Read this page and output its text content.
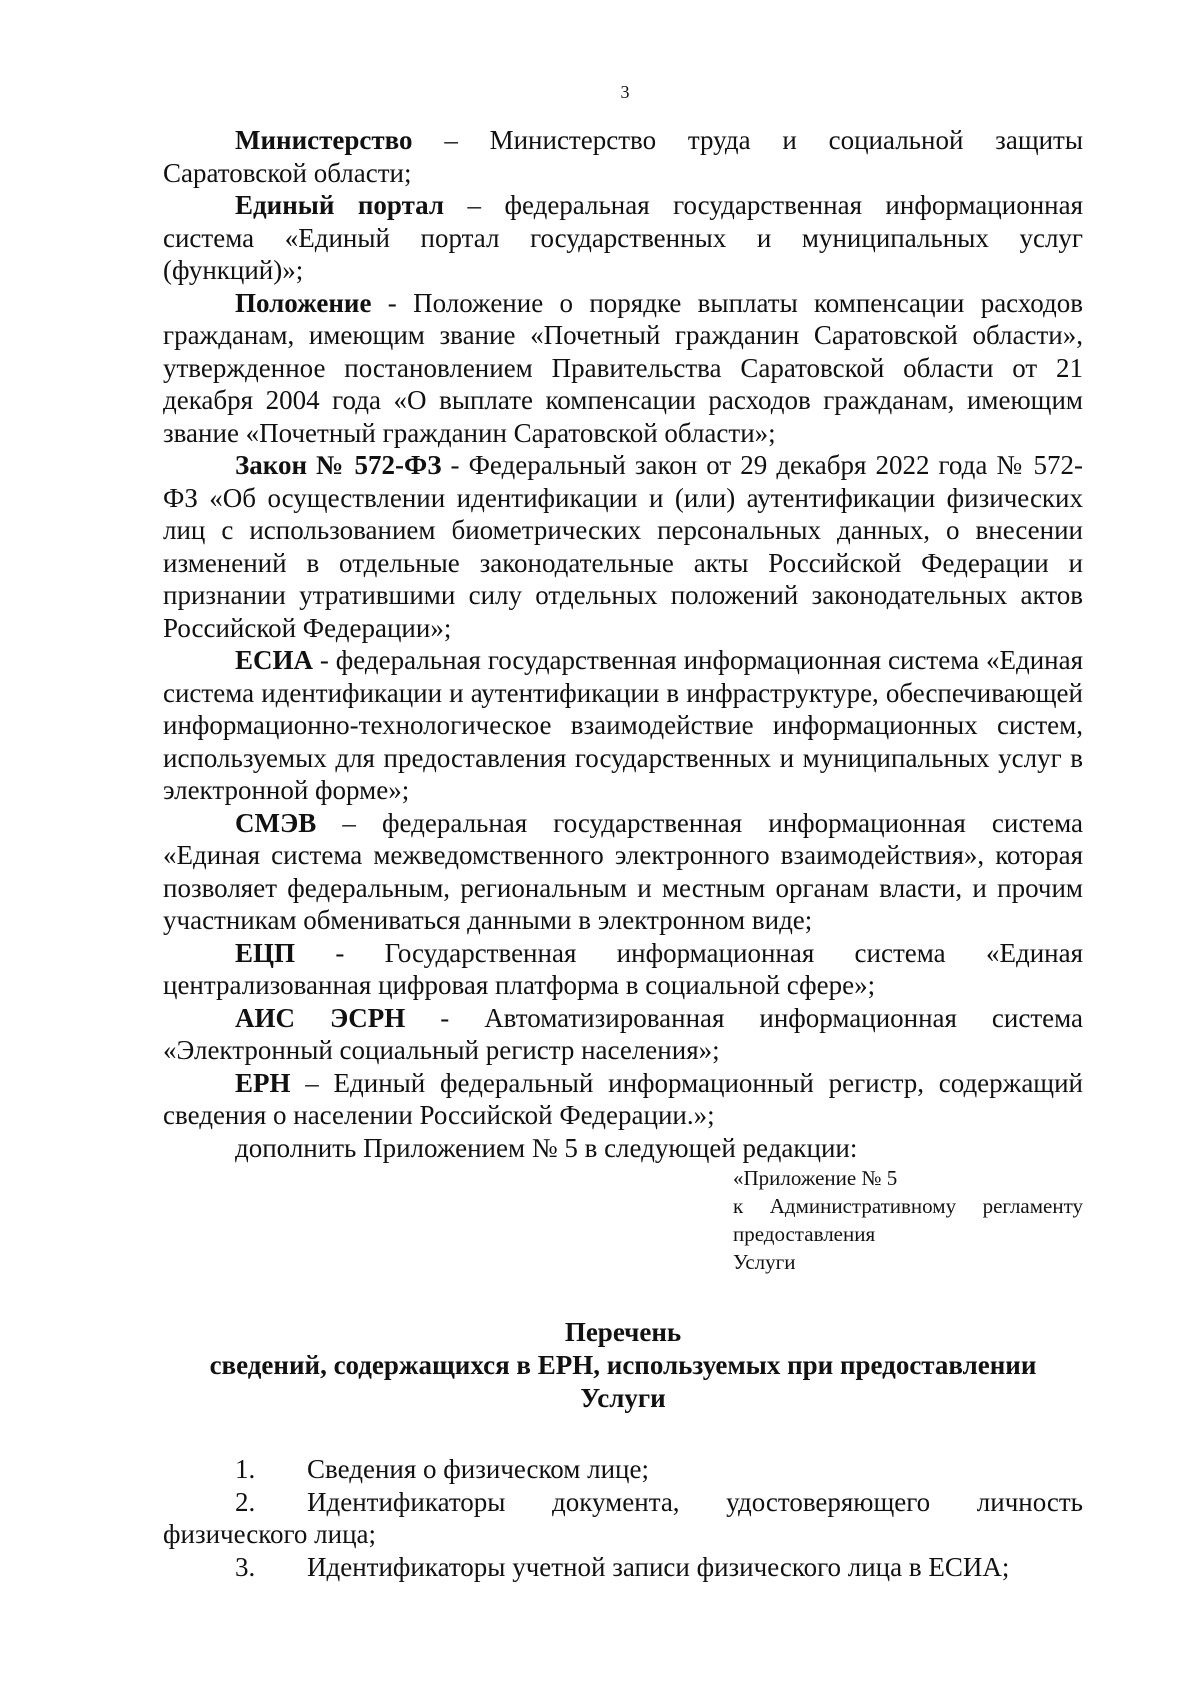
3

Министерство – Министерство труда и социальной защиты Саратовской области;

Единый портал – федеральная государственная информационная система «Единый портал государственных и муниципальных услуг (функций)»;

Положение - Положение о порядке выплаты компенсации расходов гражданам, имеющим звание «Почетный гражданин Саратовской области», утвержденное постановлением Правительства Саратовской области от 21 декабря 2004 года «О выплате компенсации расходов гражданам, имеющим звание «Почетный гражданин Саратовской области»;

Закон № 572-ФЗ - Федеральный закон от 29 декабря 2022 года № 572-ФЗ «Об осуществлении идентификации и (или) аутентификации физических лиц с использованием биометрических персональных данных, о внесении изменений в отдельные законодательные акты Российской Федерации и признании утратившими силу отдельных положений законодательных актов Российской Федерации»;

ЕСИА - федеральная государственная информационная система «Единая система идентификации и аутентификации в инфраструктуре, обеспечивающей информационно-технологическое взаимодействие информационных систем, используемых для предоставления государственных и муниципальных услуг в электронной форме»;

СМЭВ – федеральная государственная информационная система «Единая система межведомственного электронного взаимодействия», которая позволяет федеральным, региональным и местным органам власти, и прочим участникам обмениваться данными в электронном виде;

ЕЦП - Государственная информационная система «Единая централизованная цифровая платформа в социальной сфере»;

АИС ЭСРН - Автоматизированная информационная система «Электронный социальный регистр населения»;

ЕРН – Единый федеральный информационный регистр, содержащий сведения о населении Российской Федерации.»;

дополнить Приложением № 5 в следующей редакции:

«Приложение № 5
к Административному регламенту предоставления
Услуги
Перечень
сведений, содержащихся в ЕРН, используемых при предоставлении
Услуги

1. Сведения о физическом лице;

2. Идентификаторы документа, удостоверяющего личность физического лица;

3. Идентификаторы учетной записи физического лица в ЕСИА;
